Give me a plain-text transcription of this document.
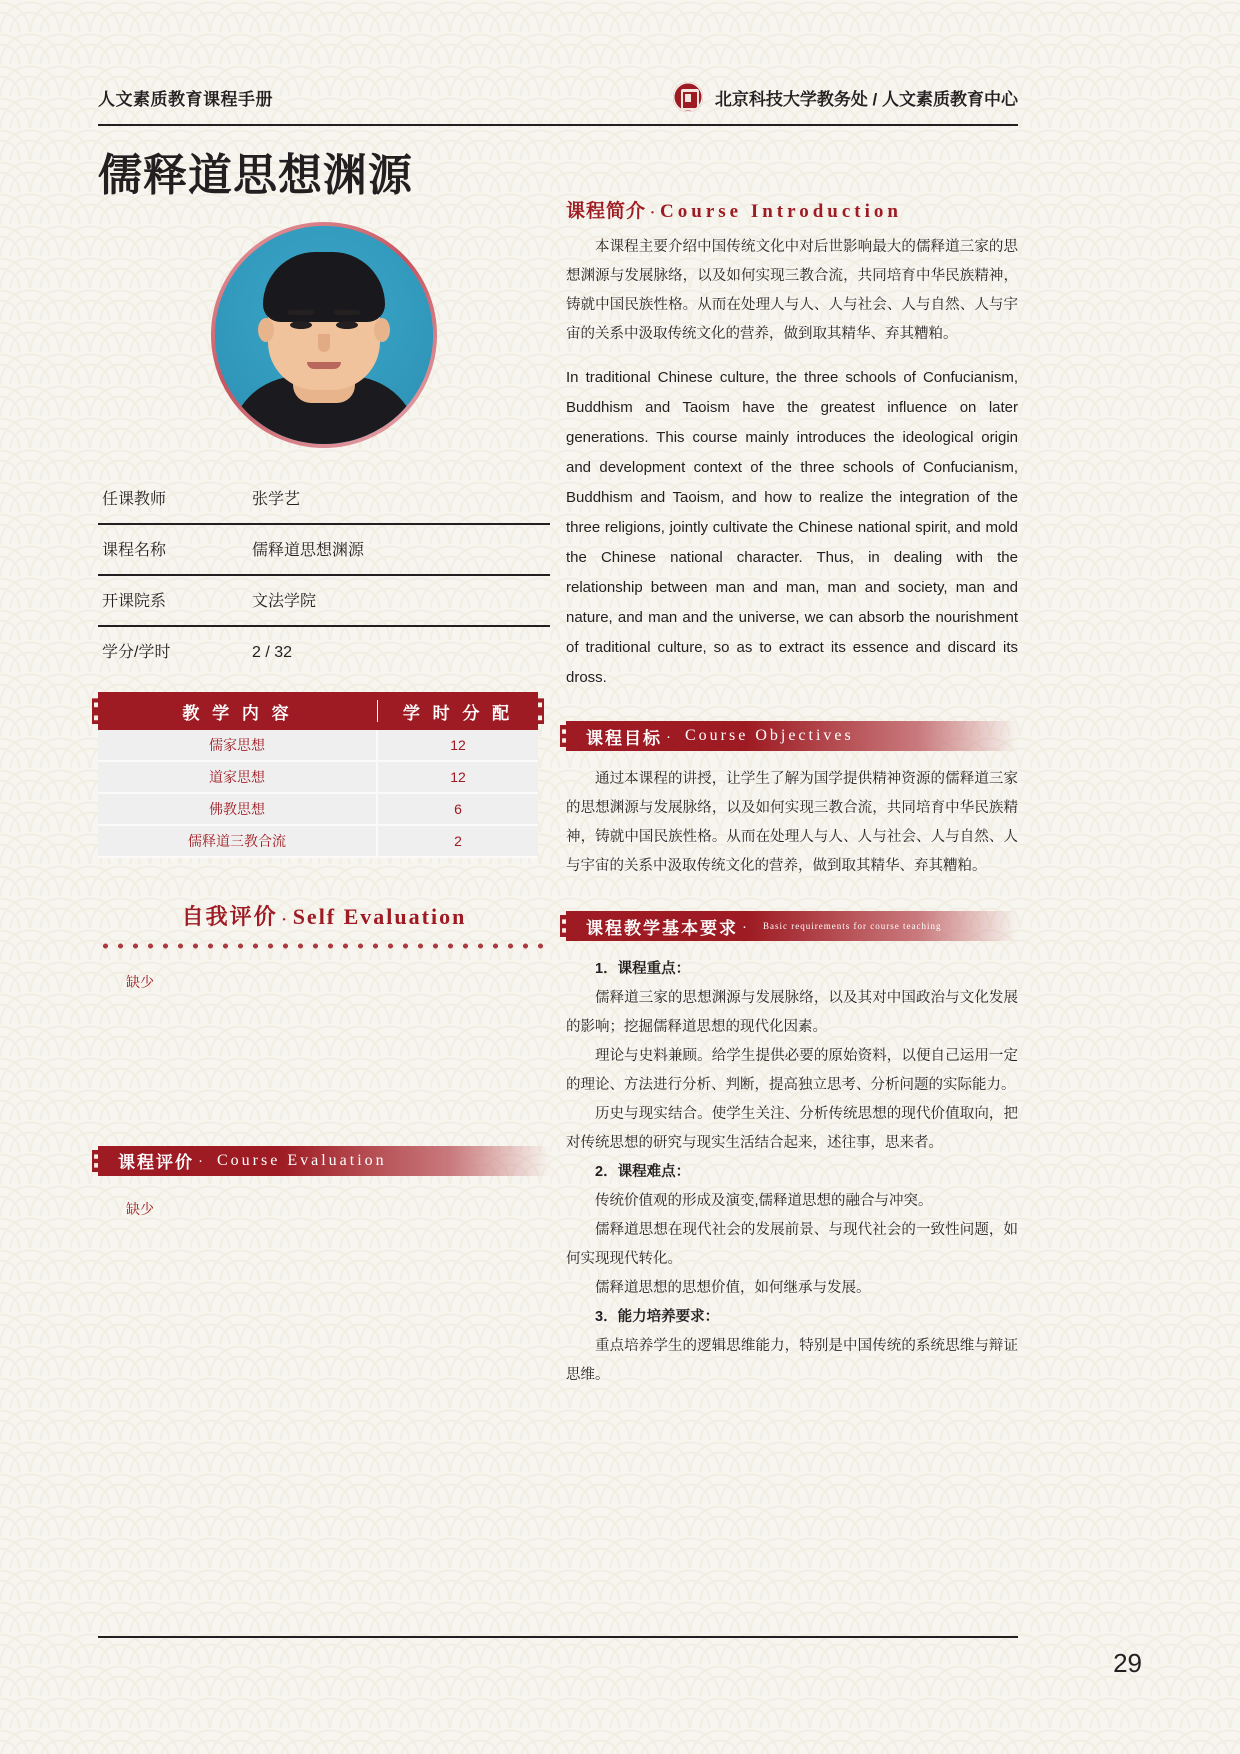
人文素质教育课程手册	北京科技大学教务处 / 人文素质教育中心
儒释道思想渊源
任课教师	张学艺
课程名称	儒释道思想渊源
开课院系	文法学院
学分/学时	2 / 32
教 学 内 容	学 时 分 配
儒家思想	12
道家思想	12
佛教思想	6
儒释道三教合流	2
自我评价 · Self Evaluation
缺少
课程评价 · Course Evaluation
缺少
课程简介 · Course Introduction

本课程主要介绍中国传统文化中对后世影响最大的儒释道三家的思想渊源与发展脉络，以及如何实现三教合流，共同培育中华民族精神，铸就中国民族性格。从而在处理人与人、人与社会、人与自然、人与宇宙的关系中汲取传统文化的营养，做到取其精华、弃其糟粕。

In traditional Chinese culture, the three schools of Confucianism, Buddhism and Taoism have the greatest influence on later generations. This course mainly introduces the ideological origin and development context of the three schools of Confucianism, Buddhism and Taoism, and how to realize the integration of the three religions, jointly cultivate the Chinese national spirit, and mold the Chinese national character. Thus, in dealing with the relationship between man and man, man and society, man and nature, and man and the universe, we can absorb the nourishment of traditional culture, so as to extract its essence and discard its dross.

课程目标 · Course Objectives

通过本课程的讲授，让学生了解为国学提供精神资源的儒释道三家的思想渊源与发展脉络，以及如何实现三教合流，共同培育中华民族精神，铸就中国民族性格。从而在处理人与人、人与社会、人与自然、人与宇宙的关系中汲取传统文化的营养，做到取其精华、弃其糟粕。

课程教学基本要求 · Basic requirements for course teaching

1．课程重点：

儒释道三家的思想渊源与发展脉络，以及其对中国政治与文化发展的影响；挖掘儒释道思想的现代化因素。

理论与史料兼顾。给学生提供必要的原始资料，以便自己运用一定的理论、方法进行分析、判断，提高独立思考、分析问题的实际能力。

历史与现实结合。使学生关注、分析传统思想的现代价值取向，把对传统思想的研究与现实生活结合起来，述往事，思来者。

2．课程难点：

传统价值观的形成及演变,儒释道思想的融合与冲突。

儒释道思想在现代社会的发展前景、与现代社会的一致性问题，如何实现现代转化。

儒释道思想的思想价值，如何继承与发展。

3．能力培养要求：

重点培养学生的逻辑思维能力，特别是中国传统的系统思维与辩证思维。

29
